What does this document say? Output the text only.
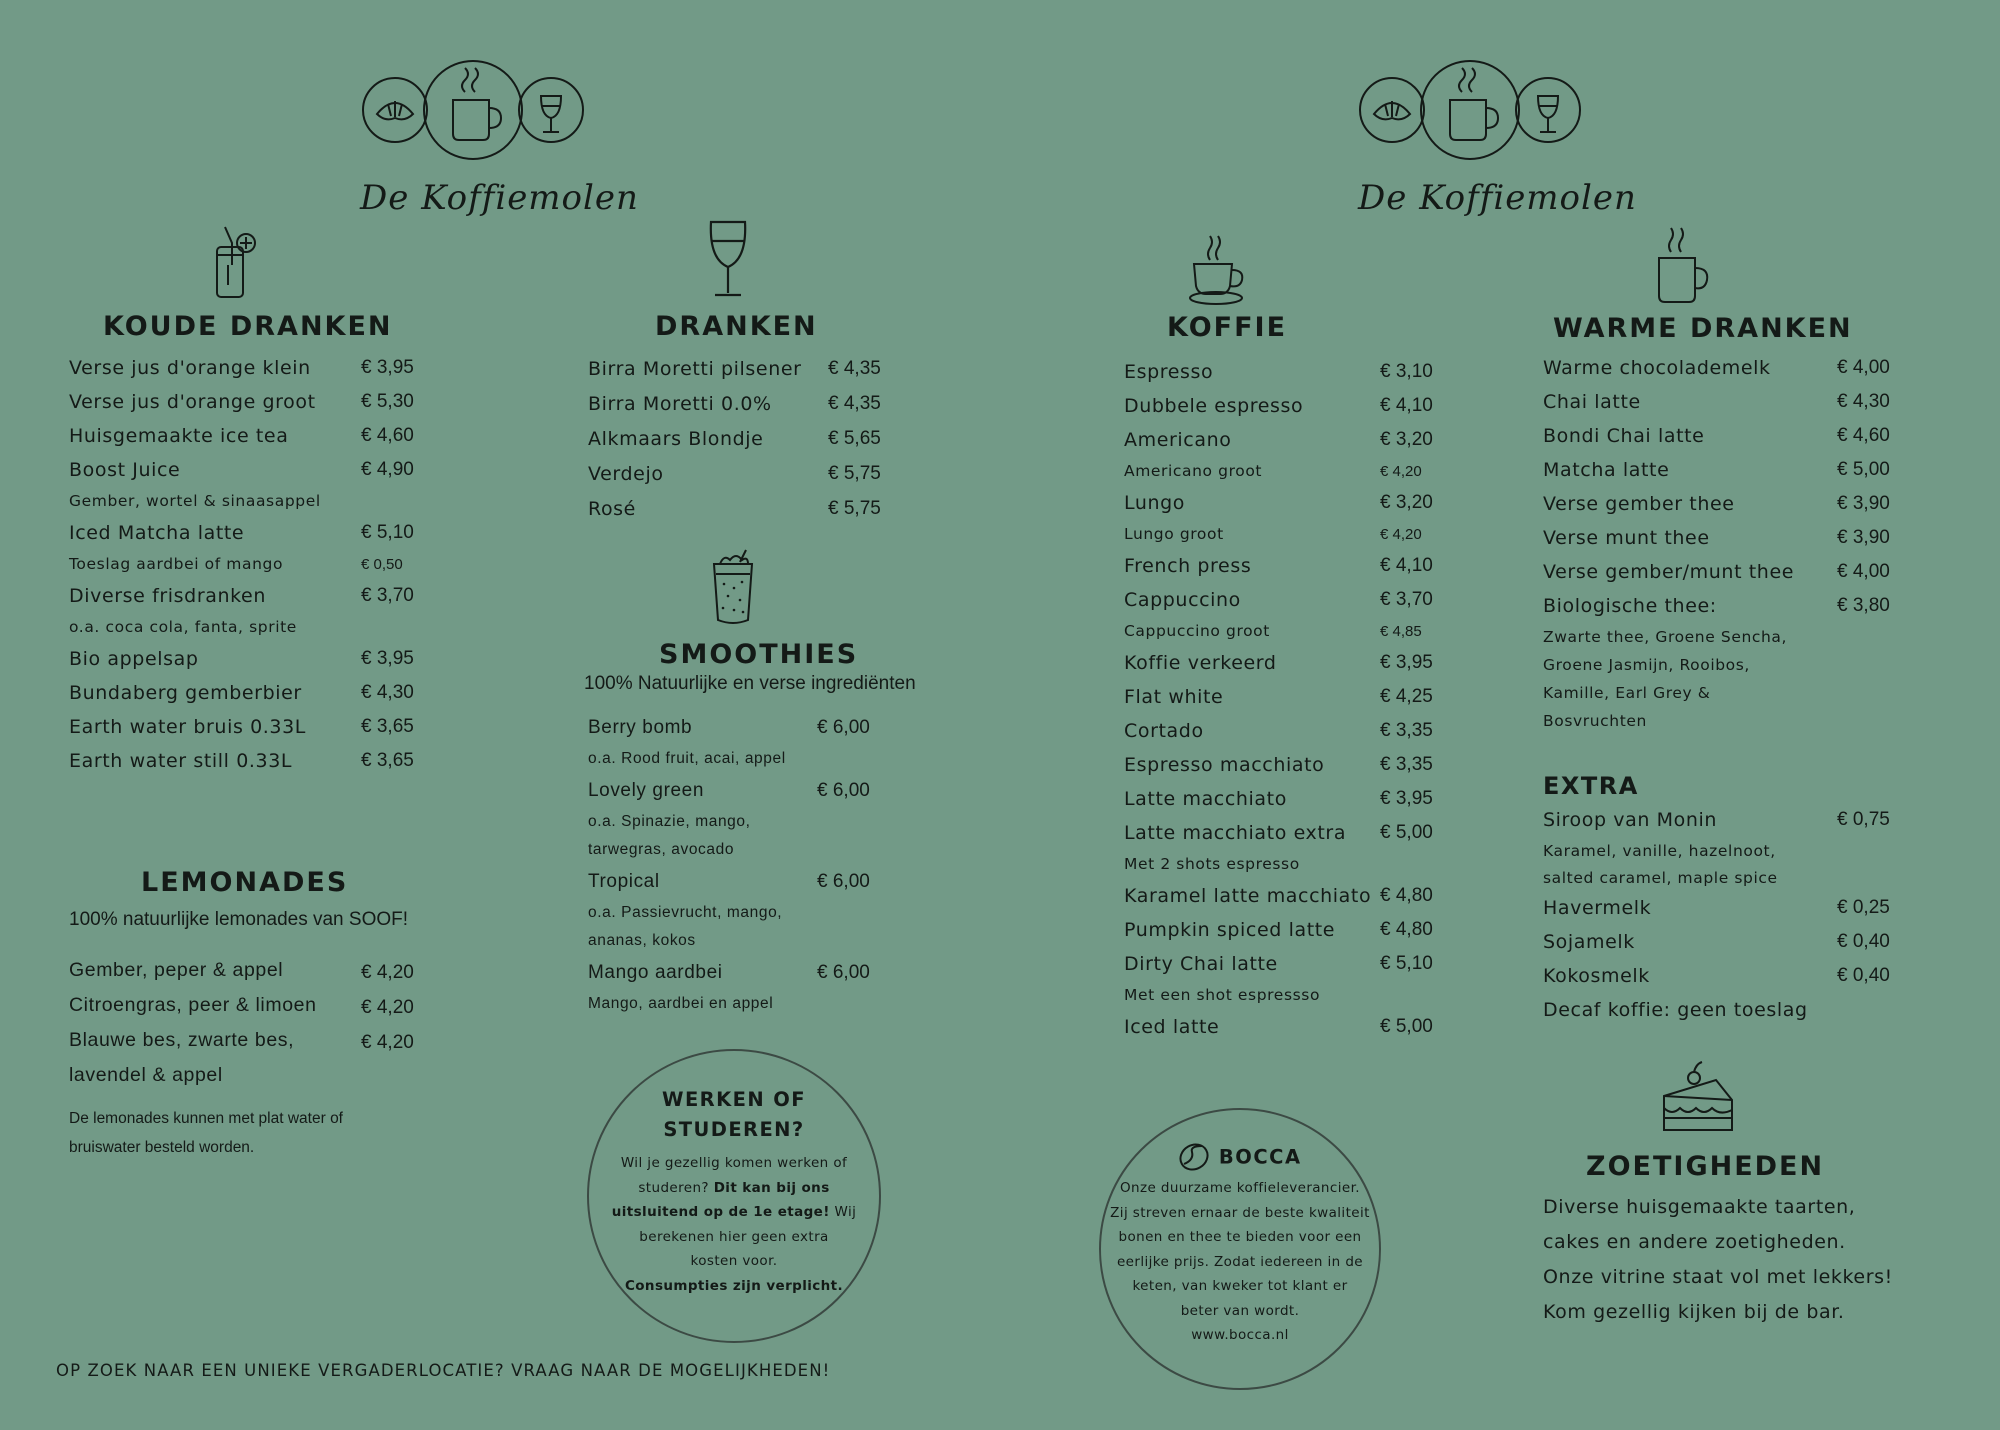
De Koffiemolen
KOUDE DRANKEN
Verse jus d'orange klein	€ 3,95
Verse jus d'orange groot € 5,30
Huisgemaakte ice tea	€ 4,60
Boost Juice	€ 4,90
Gember, wortel & sinaasappel
Iced Matcha latte	€ 5,10
Toeslag aardbei of mango	€ 0,50
Diverse frisdranken	€ 3,70
o.a. coca cola, fanta, sprite
Bio appelsap	€ 3,95
Bundaberg gemberbier	€ 4,30
Earth water bruis 0.33L	€ 3,65
Earth water still 0.33L	€ 3,65
LEMONADES
100% natuurlijke lemonades van SOOF!
Gember, peper & appel	€ 4,20
Citroengras, peer & limoen € 4,20
Blauwe bes, zwarte bes,	€ 4,20
lavendel & appel
De lemonades kunnen met plat water of
bruiswater besteld worden.
DRANKEN
Birra Moretti pilsener € 4,35
Birra Moretti 0.0%	€ 4,35
Alkmaars Blondje	€ 5,65
Verdejo	€ 5,75
Rosé	€ 5,75
SMOOTHIES
100% Natuurlijke en verse ingrediënten
Berry bomb	€ 6,00
o.a. Rood fruit, acai, appel
Lovely green	€ 6,00
o.a. Spinazie, mango,
tarwegras, avocado
Tropical	€ 6,00
o.a. Passievrucht, mango,
ananas, kokos
Mango aardbei	€ 6,00
Mango, aardbei en appel
WERKEN OF
STUDEREN?
Wil je gezellig komen werken of
studeren? Dit kan bij ons
uitsluitend op de 1e etage! Wij
berekenen hier geen extra
kosten voor.
Consumpties zijn verplicht.
OP ZOEK NAAR EEN UNIEKE VERGADERLOCATIE? VRAAG NAAR DE MOGELIJKHEDEN!
De Koffiemolen
KOFFIE
Espresso	€ 3,10
Dubbele espresso	€ 4,10
Americano	€ 3,20
Americano groot	€ 4,20
Lungo	€ 3,20
Lungo groot	€ 4,20
French press	€ 4,10
Cappuccino	€ 3,70
Cappuccino groot	€ 4,85
Koffie verkeerd	€ 3,95
Flat white	€ 4,25
Cortado	€ 3,35
Espresso macchiato	€ 3,35
Latte macchiato	€ 3,95
Latte macchiato extra € 5,00
Met 2 shots espresso
Karamel latte macchiato € 4,80
Pumpkin spiced latte € 4,80
Dirty Chai latte	€ 5,10
Met een shot espressso
Iced latte	€ 5,00
BOCCA
Onze duurzame koffieleverancier.
Zij streven ernaar de beste kwaliteit
bonen en thee te bieden voor een
eerlijke prijs. Zodat iedereen in de
keten, van kweker tot klant er
beter van wordt.
www.bocca.nl
WARME DRANKEN
Warme chocolademelk	€ 4,00
Chai latte	€ 4,30
Bondi Chai latte	€ 4,60
Matcha latte	€ 5,00
Verse gember thee	€ 3,90
Verse munt thee	€ 3,90
Verse gember/munt thee € 4,00
Biologische thee:	€ 3,80
Zwarte thee, Groene Sencha,
Groene Jasmijn, Rooibos,
Kamille, Earl Grey &
Bosvruchten
EXTRA
Siroop van Monin	€ 0,75
Karamel, vanille, hazelnoot,
salted caramel, maple spice
Havermelk	€ 0,25
Sojamelk	€ 0,40
Kokosmelk	€ 0,40
Decaf koffie: geen toeslag
ZOETIGHEDEN
Diverse huisgemaakte taarten,
cakes en andere zoetigheden.
Onze vitrine staat vol met lekkers!
Kom gezellig kijken bij de bar.
